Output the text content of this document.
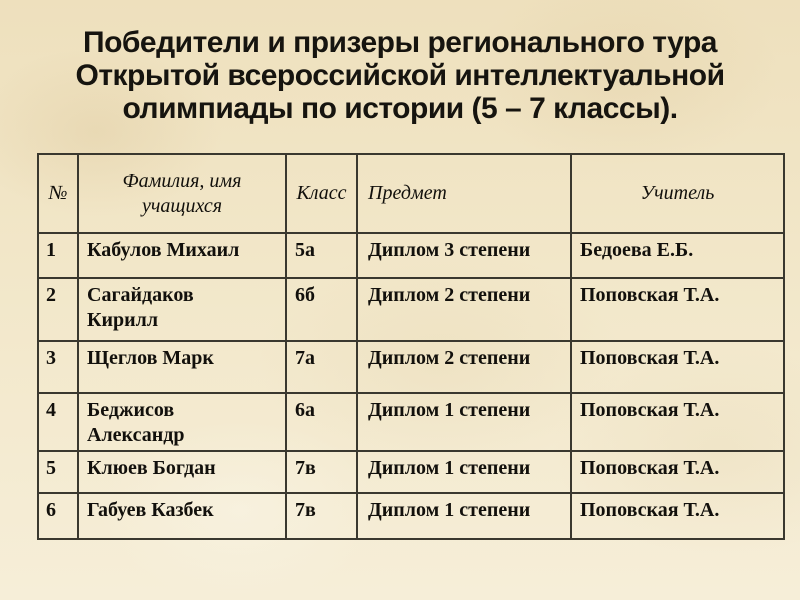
Победители и призеры регионального тура
Открытой всероссийской интеллектуальной
олимпиады по истории (5 – 7 классы).
№	Фамилия, имя учащихся	Класс	Предмет	Учитель
1	Кабулов Михаил	5а	Диплом 3 степени	Бедоева Е.Б.
2	Сагайдаков Кирилл	6б	Диплом 2 степени	Поповская Т.А.
3	Щеглов Марк	7а	Диплом 2 степени	Поповская Т.А.
4	Беджисов Александр	6а	Диплом 1 степени	Поповская Т.А.
5	Клюев Богдан	7в	Диплом 1 степени	Поповская Т.А.
6	Габуев Казбек	7в	Диплом 1 степени	Поповская Т.А.
